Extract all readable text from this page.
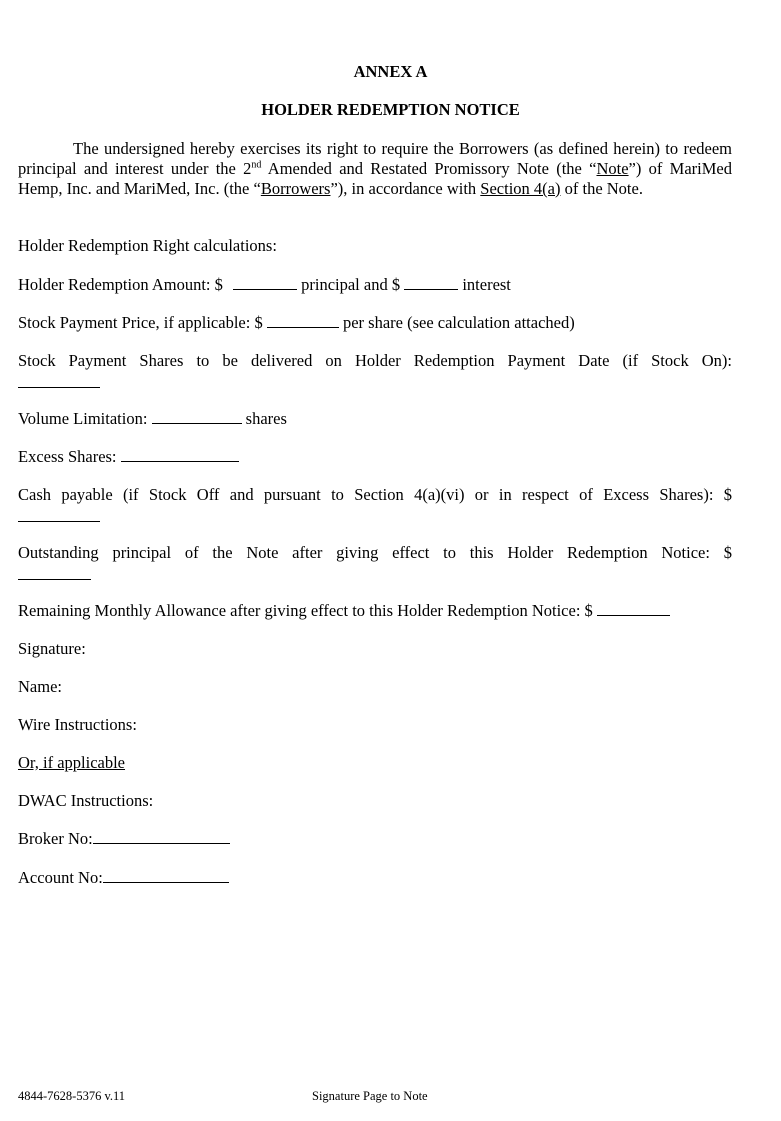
ANNEX A
HOLDER REDEMPTION NOTICE
The undersigned hereby exercises its right to require the Borrowers (as defined herein) to redeem principal and interest under the 2nd Amended and Restated Promissory Note (the “Note”) of MariMed Hemp, Inc. and MariMed, Inc. (the “Borrowers”), in accordance with Section 4(a) of the Note.
Holder Redemption Right calculations:
Holder Redemption Amount: $	principal and $	interest
Stock Payment Price, if applicable: $	per share (see calculation attached)
Stock Payment Shares to be delivered on Holder Redemption Payment Date (if Stock On):
Volume Limitation:	shares
Excess Shares:
Cash payable (if Stock Off and pursuant to Section 4(a)(vi) or in respect of Excess Shares): $
Outstanding principal of the Note after giving effect to this Holder Redemption Notice: $
Remaining Monthly Allowance after giving effect to this Holder Redemption Notice: $
Signature:
Name:
Wire Instructions:
Or, if applicable
DWAC Instructions:
Broker No:
Account No:
4844-7628-5376 v.11	Signature Page to Note
